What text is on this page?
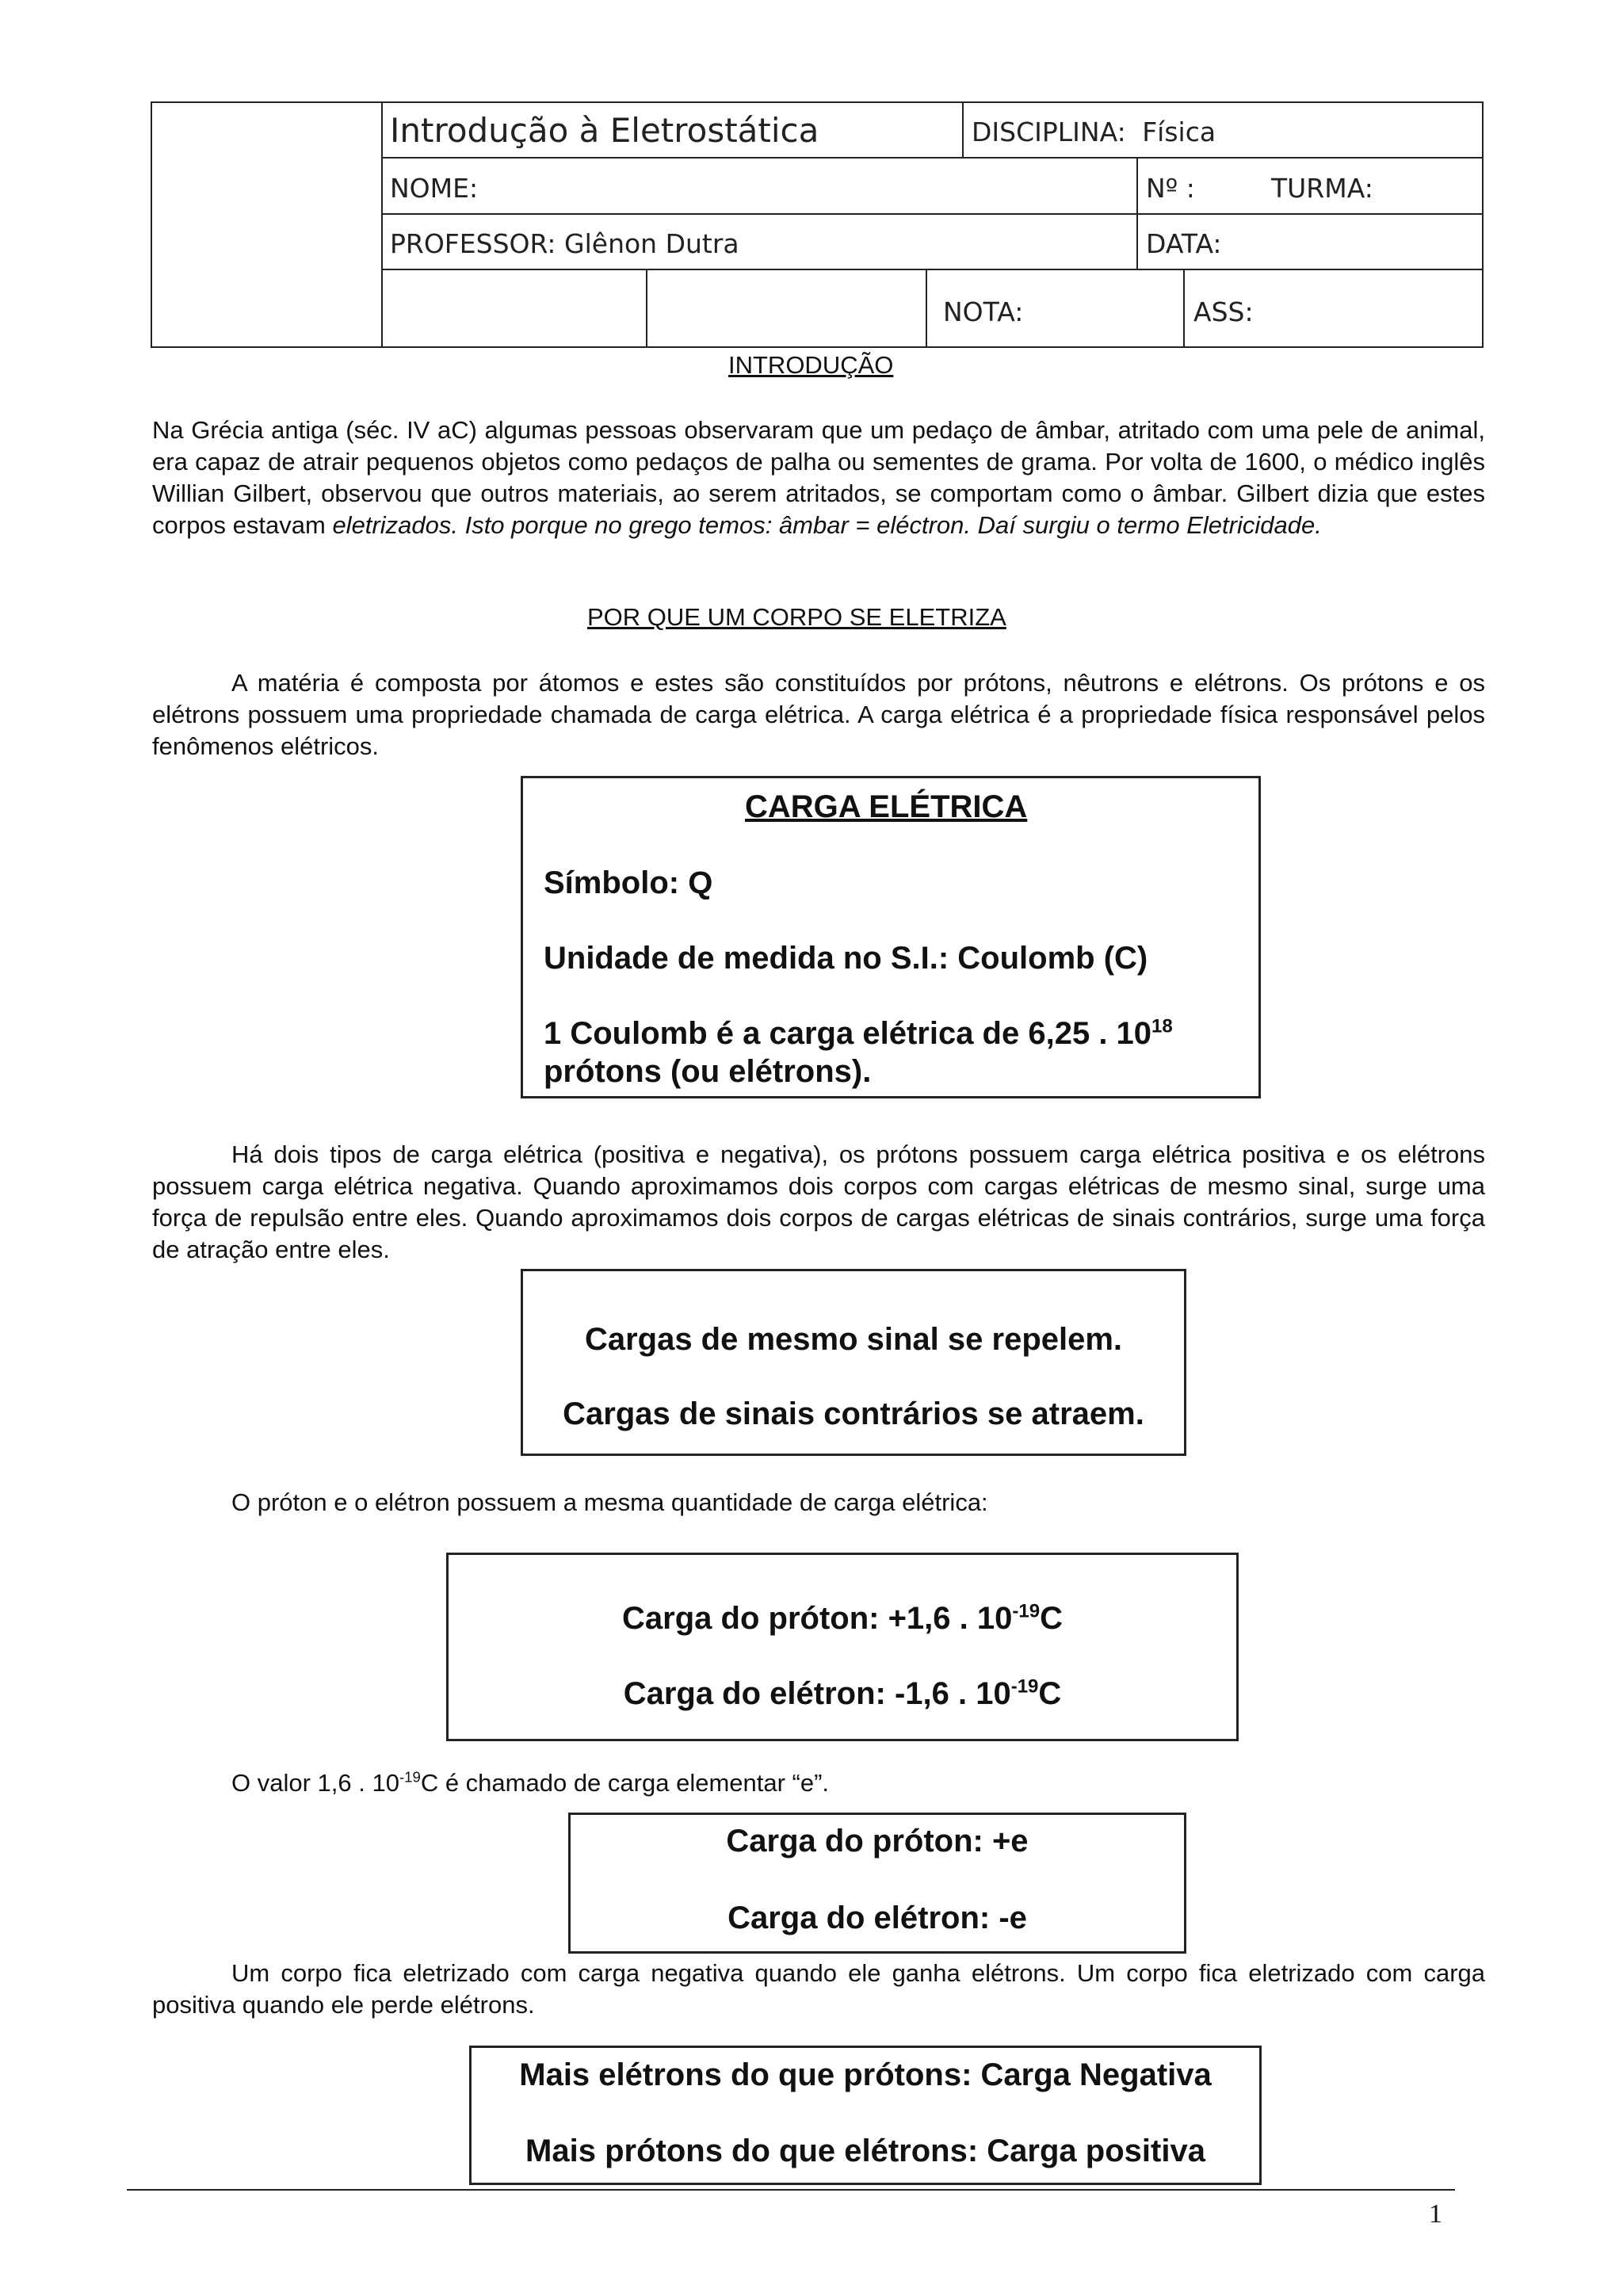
Introdução à Eletrostática	DISCIPLINA: Física
NOME:	Nº :	TURMA:
PROFESSOR: Glênon Dutra	DATA:
NOTA:	ASS:
INTRODUÇÃO

Na Grécia antiga (séc. IV aC) algumas pessoas observaram que um pedaço de âmbar, atritado com uma pele de animal, era capaz de atrair pequenos objetos como pedaços de palha ou sementes de grama. Por volta de 1600, o médico inglês Willian Gilbert, observou que outros materiais, ao serem atritados, se comportam como o âmbar. Gilbert dizia que estes corpos estavam eletrizados. Isto porque no grego temos: âmbar = eléctron. Daí surgiu o termo Eletricidade.

POR QUE UM CORPO SE ELETRIZA

A matéria é composta por átomos e estes são constituídos por prótons, nêutrons e elétrons. Os prótons e os elétrons possuem uma propriedade chamada de carga elétrica. A carga elétrica é a propriedade física responsável pelos fenômenos elétricos.

CARGA ELÉTRICA
Símbolo: Q
Unidade de medida no S.I.: Coulomb (C)
1 Coulomb é a carga elétrica de 6,25 . $10^{18}$
prótons (ou elétrons).

Há dois tipos de carga elétrica (positiva e negativa), os prótons possuem carga elétrica positiva e os elétrons possuem carga elétrica negativa. Quando aproximamos dois corpos com cargas elétricas de mesmo sinal, surge uma força de repulsão entre eles. Quando aproximamos dois corpos de cargas elétricas de sinais contrários, surge uma força de atração entre eles.

Cargas de mesmo sinal se repelem.
Cargas de sinais contrários se atraem.

O próton e o elétron possuem a mesma quantidade de carga elétrica:

Carga do próton: +1,6 . $10^{-19}C$
Carga do elétron: -1,6 . $10^{-19}C$

O valor 1,6 . $10^{-19}C$ é chamado de carga elementar “e”.

Carga do próton: +e
Carga do elétron: -e

Um corpo fica eletrizado com carga negativa quando ele ganha elétrons. Um corpo fica eletrizado com carga positiva quando ele perde elétrons.

Mais elétrons do que prótons: Carga Negativa
Mais prótons do que elétrons: Carga positiva
1
